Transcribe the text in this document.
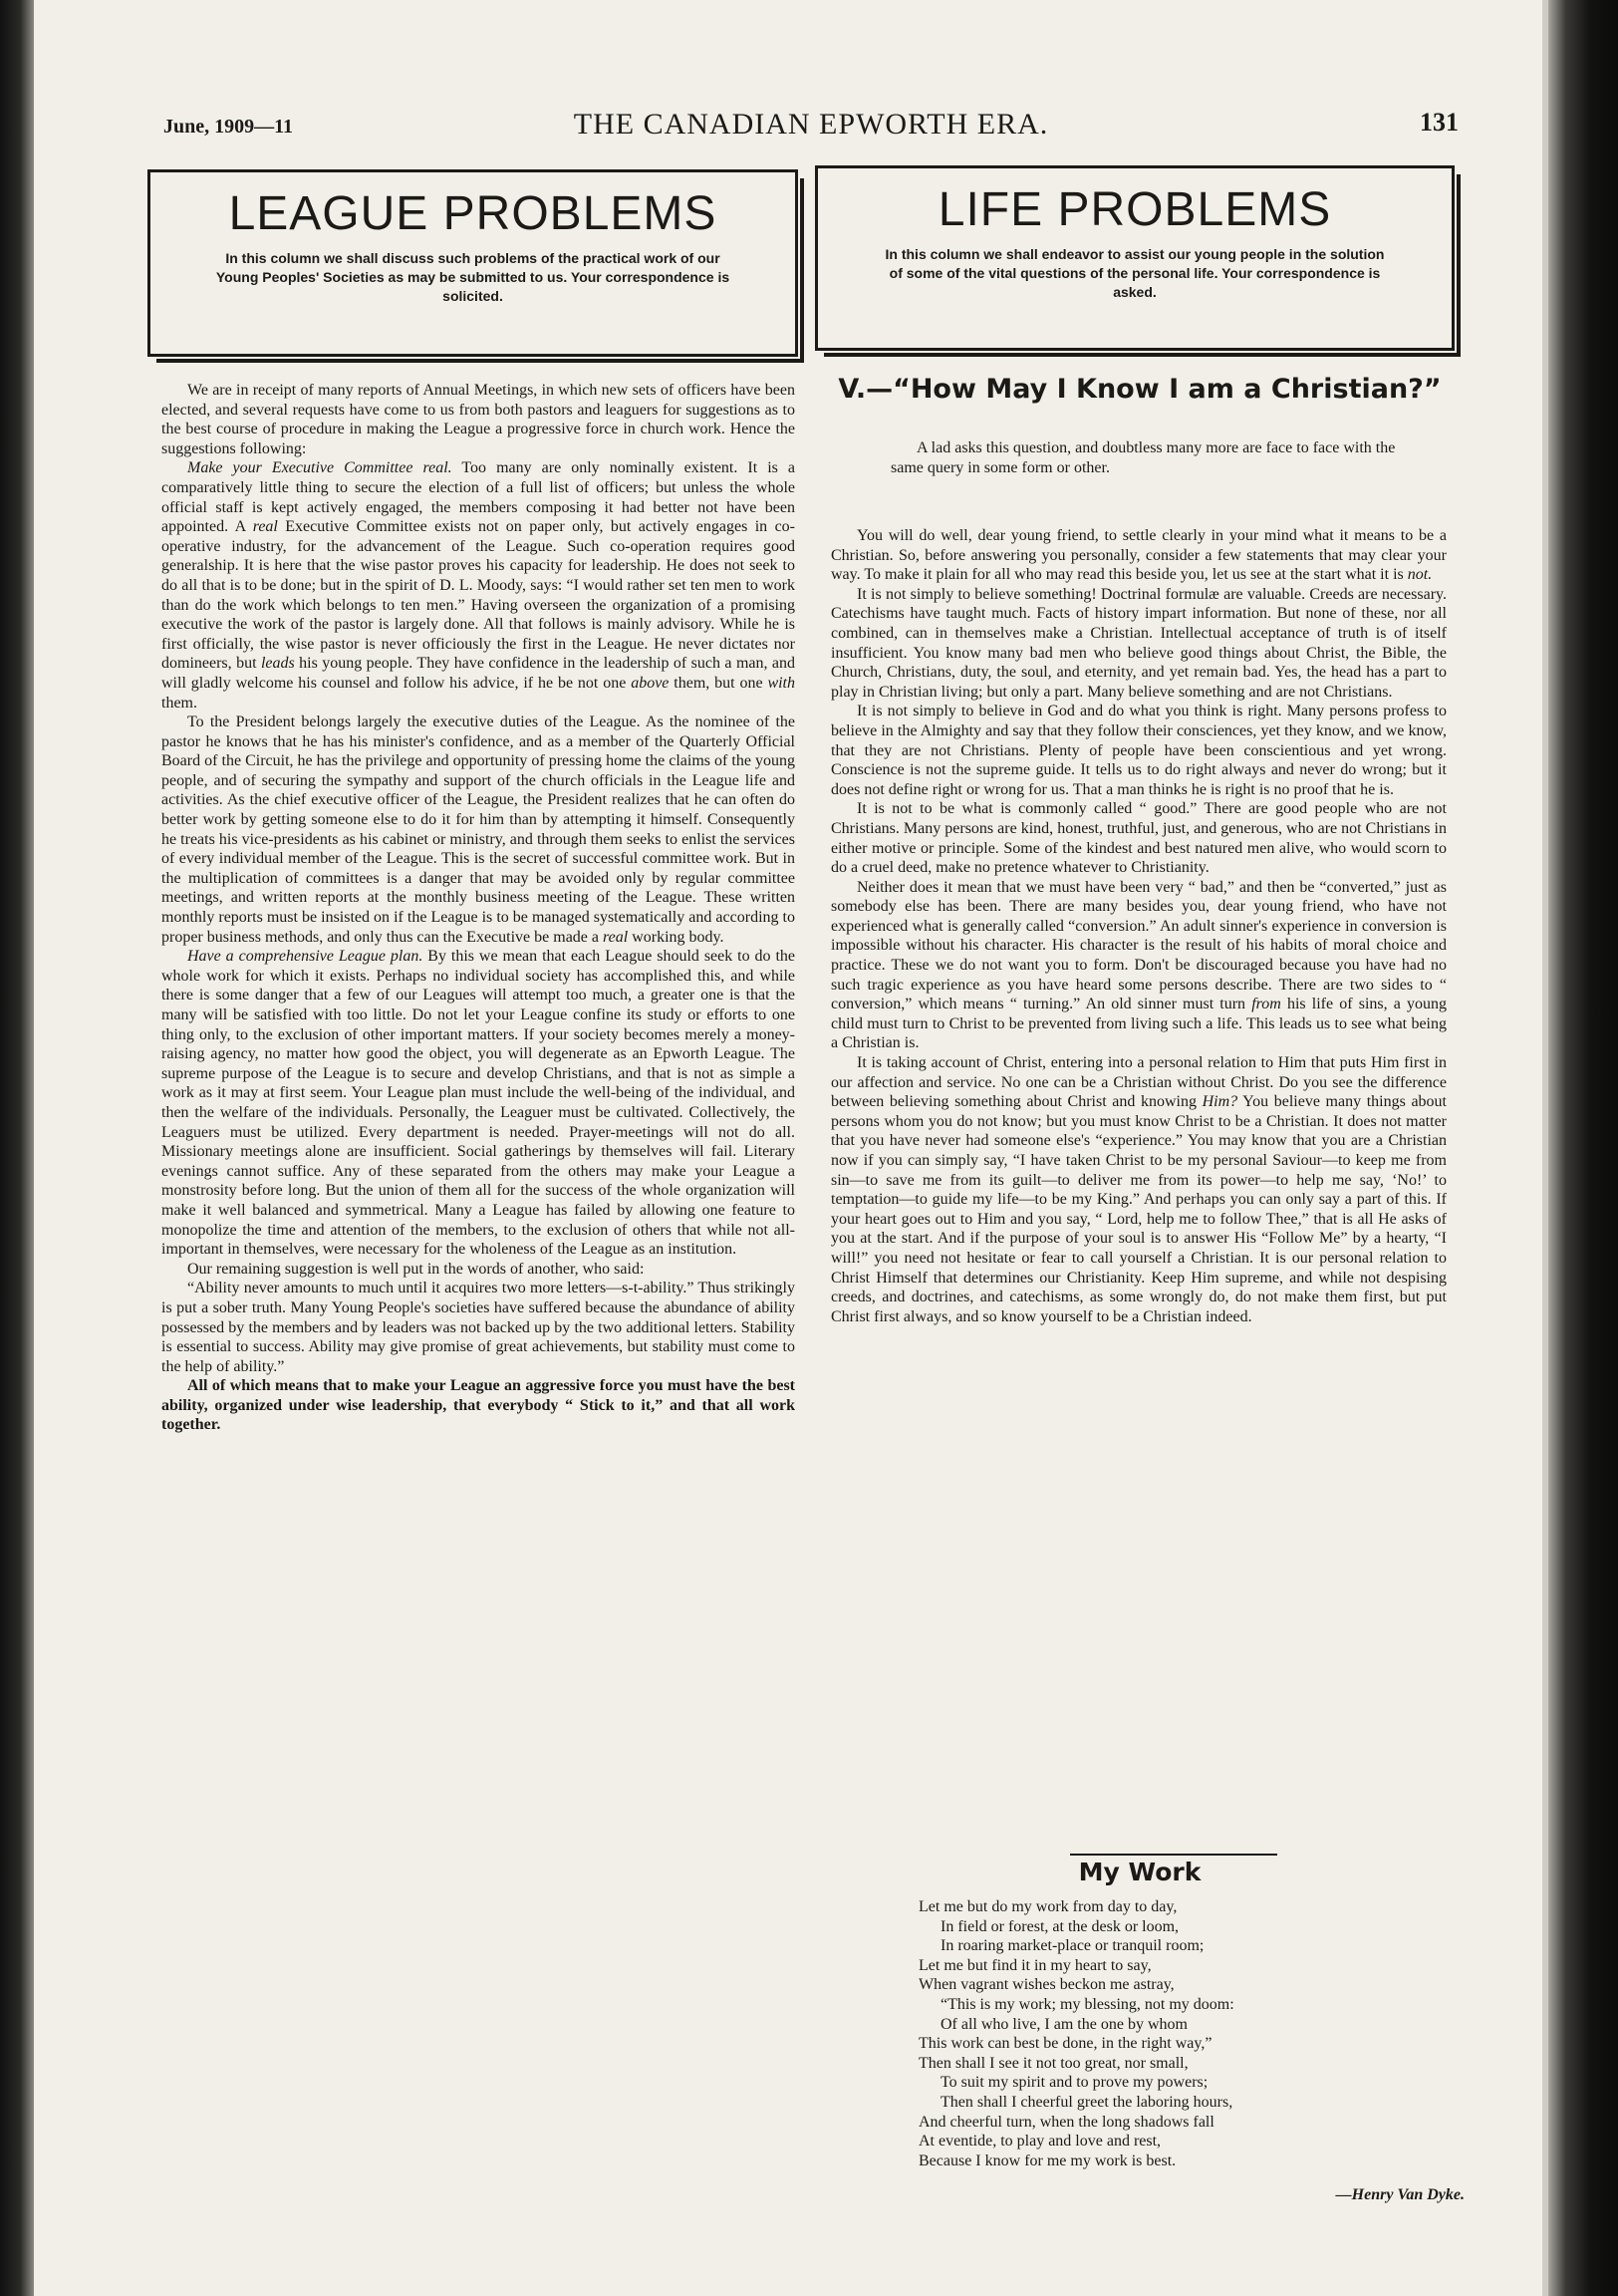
June, 1909—11	THE CANADIAN EPWORTH ERA.	131
LEAGUE PROBLEMS

In this column we shall discuss such problems of the practical work of our Young Peoples' Societies as may be submitted to us. Your correspondence is solicited.

LIFE PROBLEMS

In this column we shall endeavor to assist our young people in the solution of some of the vital questions of the personal life. Your correspondence is asked.

We are in receipt of many reports of Annual Meetings, in which new sets of officers have been elected, and several requests have come to us from both pastors and leaguers for suggestions as to the best course of procedure in making the League a progressive force in church work. Hence the suggestions following:

Make your Executive Committee real. Too many are only nominally existent. It is a comparatively little thing to secure the election of a full list of officers; but unless the whole official staff is kept actively engaged, the members composing it had better not have been appointed. A real Executive Committee exists not on paper only, but actively engages in co-operative industry, for the advancement of the League. Such co-operation requires good generalship. It is here that the wise pastor proves his capacity for leadership. He does not seek to do all that is to be done; but in the spirit of D. L. Moody, says: “I would rather set ten men to work than do the work which belongs to ten men.” Having overseen the organization of a promising executive the work of the pastor is largely done. All that follows is mainly advisory. While he is first officially, the wise pastor is never officiously the first in the League. He never dictates nor domineers, but leads his young people. They have confidence in the leadership of such a man, and will gladly welcome his counsel and follow his advice, if he be not one above them, but one with them.

To the President belongs largely the executive duties of the League. As the nominee of the pastor he knows that he has his minister's confidence, and as a member of the Quarterly Official Board of the Circuit, he has the privilege and opportunity of pressing home the claims of the young people, and of securing the sympathy and support of the church officials in the League life and activities. As the chief executive officer of the League, the President realizes that he can often do better work by getting someone else to do it for him than by attempting it himself. Consequently he treats his vice-presidents as his cabinet or ministry, and through them seeks to enlist the services of every individual member of the League. This is the secret of successful committee work. But in the multiplication of committees is a danger that may be avoided only by regular committee meetings, and written reports at the monthly business meeting of the League. These written monthly reports must be insisted on if the League is to be managed systematically and according to proper business methods, and only thus can the Executive be made a real working body.

Have a comprehensive League plan. By this we mean that each League should seek to do the whole work for which it exists. Perhaps no individual society has accomplished this, and while there is some danger that a few of our Leagues will attempt too much, a greater one is that the many will be satisfied with too little. Do not let your League confine its study or efforts to one thing only, to the exclusion of other important matters. If your society becomes merely a money-raising agency, no matter how good the object, you will degenerate as an Epworth League. The supreme purpose of the League is to secure and develop Christians, and that is not as simple a work as it may at first seem. Your League plan must include the well-being of the individual, and then the welfare of the individuals. Personally, the Leaguer must be cultivated. Collectively, the Leaguers must be utilized. Every department is needed. Prayer-meetings will not do all. Missionary meetings alone are insufficient. Social gatherings by themselves will fail. Literary evenings cannot suffice. Any of these separated from the others may make your League a monstrosity before long. But the union of them all for the success of the whole organization will make it well balanced and symmetrical. Many a League has failed by allowing one feature to monopolize the time and attention of the members, to the exclusion of others that while not all-important in themselves, were necessary for the wholeness of the League as an institution.

Our remaining suggestion is well put in the words of another, who said:

“Ability never amounts to much until it acquires two more letters—s-t-ability.” Thus strikingly is put a sober truth. Many Young People's societies have suffered because the abundance of ability possessed by the members and by leaders was not backed up by the two additional letters. Stability is essential to success. Ability may give promise of great achievements, but stability must come to the help of ability.”

All of which means that to make your League an aggressive force you must have the best ability, organized under wise leadership, that everybody “ Stick to it,” and that all work together.

V.—“How May I Know I am a Christian?”

A lad asks this question, and doubtless many more are face to face with the same query in some form or other.

You will do well, dear young friend, to settle clearly in your mind what it means to be a Christian. So, before answering you personally, consider a few statements that may clear your way. To make it plain for all who may read this beside you, let us see at the start what it is not.

It is not simply to believe something! Doctrinal formulæ are valuable. Creeds are necessary. Catechisms have taught much. Facts of history impart information. But none of these, nor all combined, can in themselves make a Christian. Intellectual acceptance of truth is of itself insufficient. You know many bad men who believe good things about Christ, the Bible, the Church, Christians, duty, the soul, and eternity, and yet remain bad. Yes, the head has a part to play in Christian living; but only a part. Many believe something and are not Christians.

It is not simply to believe in God and do what you think is right. Many persons profess to believe in the Almighty and say that they follow their consciences, yet they know, and we know, that they are not Christians. Plenty of people have been conscientious and yet wrong. Conscience is not the supreme guide. It tells us to do right always and never do wrong; but it does not define right or wrong for us. That a man thinks he is right is no proof that he is.

It is not to be what is commonly called “ good.” There are good people who are not Christians. Many persons are kind, honest, truthful, just, and generous, who are not Christians in either motive or principle. Some of the kindest and best natured men alive, who would scorn to do a cruel deed, make no pretence whatever to Christianity.

Neither does it mean that we must have been very “ bad,” and then be “converted,” just as somebody else has been. There are many besides you, dear young friend, who have not experienced what is generally called “conversion.” An adult sinner's experience in conversion is impossible without his character. His character is the result of his habits of moral choice and practice. These we do not want you to form. Don't be discouraged because you have had no such tragic experience as you have heard some persons describe. There are two sides to “ conversion,” which means “ turning.” An old sinner must turn from his life of sins, a young child must turn to Christ to be prevented from living such a life. This leads us to see what being a Christian is.

It is taking account of Christ, entering into a personal relation to Him that puts Him first in our affection and service. No one can be a Christian without Christ. Do you see the difference between believing something about Christ and knowing Him? You believe many things about persons whom you do not know; but you must know Christ to be a Christian. It does not matter that you have never had someone else's “experience.” You may know that you are a Christian now if you can simply say, “I have taken Christ to be my personal Saviour—to keep me from sin—to save me from its guilt—to deliver me from its power—to help me say, ‘No!’ to temptation—to guide my life—to be my King.” And perhaps you can only say a part of this. If your heart goes out to Him and you say, “ Lord, help me to follow Thee,” that is all He asks of you at the start. And if the purpose of your soul is to answer His “Follow Me” by a hearty, “I will!” you need not hesitate or fear to call yourself a Christian. It is our personal relation to Christ Himself that determines our Christianity. Keep Him supreme, and while not despising creeds, and doctrines, and catechisms, as some wrongly do, do not make them first, but put Christ first always, and so know yourself to be a Christian indeed.

My Work
Let me but do my work from day to day,
In field or forest, at the desk or loom,
In roaring market-place or tranquil room;
Let me but find it in my heart to say,
When vagrant wishes beckon me astray,
“This is my work; my blessing, not my doom:
Of all who live, I am the one by whom
This work can best be done, in the right way,”
Then shall I see it not too great, nor small,
To suit my spirit and to prove my powers;
Then shall I cheerful greet the laboring hours,
And cheerful turn, when the long shadows fall
At eventide, to play and love and rest,
Because I know for me my work is best.
—Henry Van Dyke.
